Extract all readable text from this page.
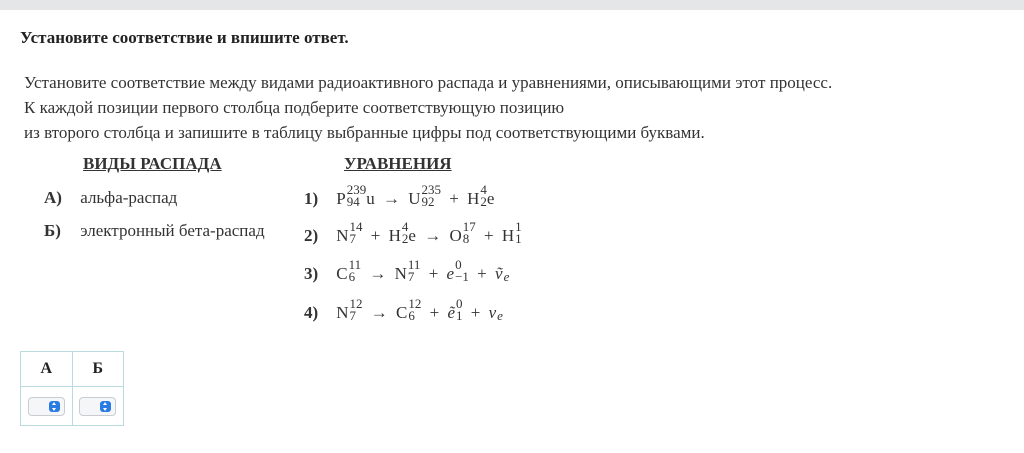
Установите соответствие и впишите ответ.
Установите соответствие между видами радиоактивного распада и уравнениями, описывающими этот процесс.
К каждой позиции первого столбца подберите соответствующую позицию
из второго столбца и запишите в таблицу выбранные цифры под соответствующими буквами.
ВИДЫ РАСПАДА	УРАВНЕНИЯ
А) альфа-распад
Б) электронный бета-распад
1) P 239
94 u → U 235
92 + H 4
2 e
2) N 14
7 + H 4
2 e → O 17
8 + H 1
1
3) C 11
6 → N 11
7 + e 0
−1 + ṽ
e
4) N 12
7 → C 12
6 + ẽ 0
1 + v
e
А	Б
